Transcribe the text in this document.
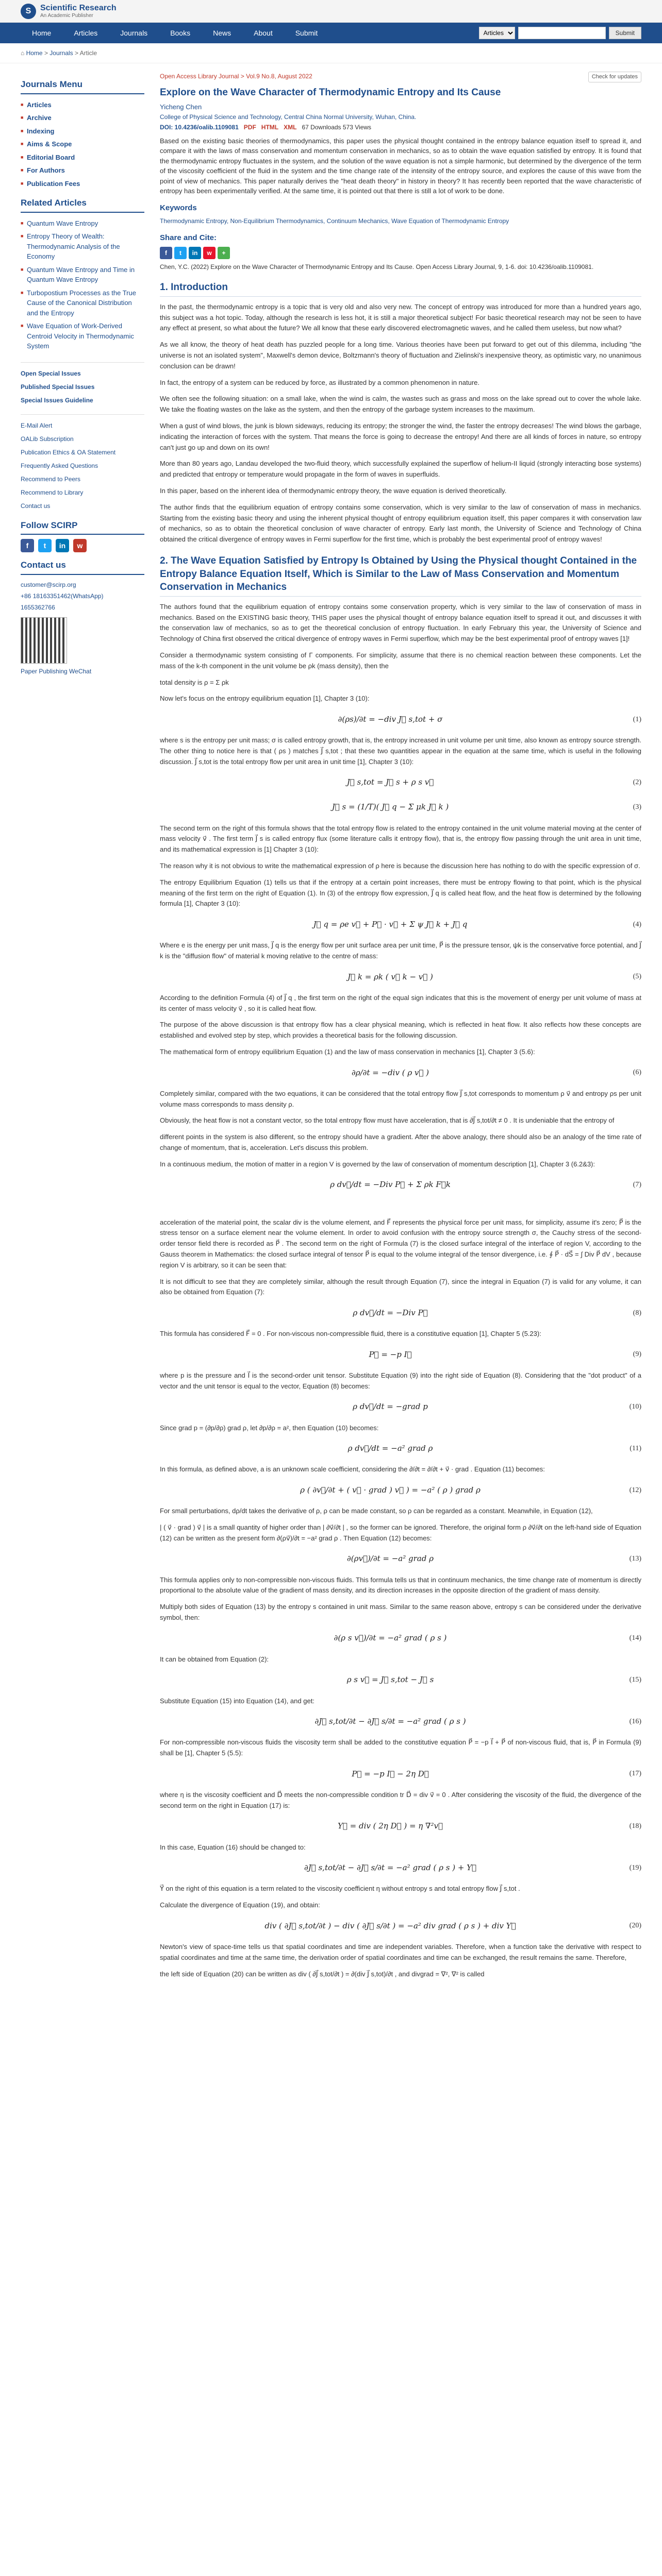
S	Scientific Research
An Academic Publisher
Home	Articles	Journals	Books	News	About	Submit
Articles	Submit
⌂ Home > Journals > Article
Journals Menu
■ Articles
■ Archive
■ Indexing
■ Aims & Scope
■ Editorial Board
■ For Authors
■ Publication Fees
Related Articles
■ Quantum Wave Entropy
■ Entropy Theory of Wealth: Thermodynamic Analysis of the Economy
■ Quantum Wave Entropy and Time in Quantum Wave Entropy
■ Turbopostium Processes as the True Cause of the Canonical Distribution and the Entropy
■ Wave Equation of Work-Derived Centroid Velocity in Thermodynamic System
Open Special Issues
Published Special Issues
Special Issues Guideline
E-Mail Alert
OALib Subscription
Publication Ethics & OA Statement
Frequently Asked Questions
Recommend to Peers
Recommend to Library
Contact us
Follow SCIRP
f	t	in	w
Contact us
customer@scirp.org
+86 18163351462(WhatsApp)
1655362766
Paper Publishing WeChat
Open Access Library Journal > Vol.9 No.8, August 2022	Check for updates
Explore on the Wave Character of Thermodynamic Entropy and Its Cause
Yicheng Chen
College of Physical Science and Technology, Central China Normal University, Wuhan, China.
DOI: 10.4236/oalib.1109081 PDF HTML XML 67 Downloads 573 Views

Based on the existing basic theories of thermodynamics, this paper uses the physical thought contained in the entropy balance equation itself to spread it, and compare it with the laws of mass conservation and momentum conservation in mechanics, so as to obtain the wave equation satisfied by entropy. It is found that the thermodynamic entropy fluctuates in the system, and the solution of the wave equation is not a simple harmonic, but determined by the divergence of the term of the viscosity coefficient of the fluid in the system and the time change rate of the intensity of the entropy source, and explores the cause of this wave from the point of view of mechanics. This paper naturally derives the "heat death theory" in history in theory? It has recently been reported that the wave characteristic of entropy has been experimentally verified. At the same time, it is pointed out that there is still a lot of work to be done.

Keywords
Thermodynamic Entropy, Non-Equilibrium Thermodynamics, Continuum Mechanics, Wave Equation of Thermodynamic Entropy
Share and Cite:
f	t	in	w	+
Chen, Y.C. (2022) Explore on the Wave Character of Thermodynamic Entropy and Its Cause. Open Access Library Journal, 9, 1-6. doi: 10.4236/oalib.1109081.
1. Introduction

In the past, the thermodynamic entropy is a topic that is very old and also very new. The concept of entropy was introduced for more than a hundred years ago, this subject was a hot topic. Today, although the research is less hot, it is still a major theoretical subject! For basic theoretical research may not be seen to have any effect at present, so what about the future? We all know that these early discovered electromagnetic waves, and he called them useless, but now what?

As we all know, the theory of heat death has puzzled people for a long time. Various theories have been put forward to get out of this dilemma, including "the universe is not an isolated system", Maxwell's demon device, Boltzmann's theory of fluctuation and Zielinski's inexpensive theory, as optimistic vary, no unanimous conclusion can be drawn!

In fact, the entropy of a system can be reduced by force, as illustrated by a common phenomenon in nature.

We often see the following situation: on a small lake, when the wind is calm, the wastes such as grass and moss on the lake spread out to cover the whole lake. We take the floating wastes on the lake as the system, and then the entropy of the garbage system increases to the maximum.

When a gust of wind blows, the junk is blown sideways, reducing its entropy; the stronger the wind, the faster the entropy decreases! The wind blows the garbage, indicating the interaction of forces with the system. That means the force is going to decrease the entropy! And there are all kinds of forces in nature, so entropy can't just go up and down on its own!

More than 80 years ago, Landau developed the two-fluid theory, which successfully explained the superflow of helium-II liquid (strongly interacting bose systems) and predicted that entropy or temperature would propagate in the form of waves in superfluids.

In this paper, based on the inherent idea of thermodynamic entropy theory, the wave equation is derived theoretically.

The author finds that the equilibrium equation of entropy contains some conservation, which is very similar to the law of conservation of mass in mechanics. Starting from the existing basic theory and using the inherent physical thought of entropy equilibrium equation itself, this paper compares it with conservation law of mechanics, so as to obtain the theoretical conclusion of wave character of entropy. Early last month, the University of Science and Technology of China obtained the critical divergence of entropy waves in Fermi superflow for the first time, which is probably the best experimental proof of entropy waves!

2. The Wave Equation Satisfied by Entropy Is Obtained by Using the Physical thought Contained in the Entropy Balance Equation Itself, Which is Similar to the Law of Mass Conservation and Momentum Conservation in Mechanics

The authors found that the equilibrium equation of entropy contains some conservation property, which is very similar to the law of conservation of mass in mechanics. Based on the EXISTING basic theory, THIS paper uses the physical thought of entropy balance equation itself to spread it out, and discusses it with the conservation law of mechanics, so as to get the theoretical conclusion of entropy fluctuation. In early February this year, the University of Science and Technology of China first observed the critical divergence of entropy waves in Fermi superflow, which may be the best experimental proof of entropy waves [1]!

Consider a thermodynamic system consisting of Γ components. For simplicity, assume that there is no chemical reaction between these components. Let the mass of the k-th component in the unit volume be ρk (mass density), then the

total density is ρ = Σ ρk

Now let's focus on the entropy equilibrium equation [1], Chapter 3 (10):

∂(ρs)/∂t = −div J⃗ s,tot + σ	(1)

where s is the entropy per unit mass; σ is called entropy growth, that is, the entropy increased in unit volume per unit time, also known as entropy source strength. The other thing to notice here is that ( ρs ) matches J⃗ s,tot ; that these two quantities appear in the equation at the same time, which is useful in the following discussion. J⃗ s,tot is the total entropy flow per unit area in unit time [1], Chapter 3 (10):

J⃗ s,tot = J⃗ s + ρ s v⃗	(2)
J⃗ s = (1/T)( J⃗ q − Σ μk J⃗ k )	(3)

The second term on the right of this formula shows that the total entropy flow is related to the entropy contained in the unit volume material moving at the center of mass velocity v⃗ . The first term J⃗ s is called entropy flux (some literature calls it entropy flow), that is, the entropy flow passing through the unit area in unit time, and its mathematical expression is [1] Chapter 3 (10):

The reason why it is not obvious to write the mathematical expression of ρ here is because the discussion here has nothing to do with the specific expression of σ.

The entropy Equilibrium Equation (1) tells us that if the entropy at a certain point increases, there must be entropy flowing to that point, which is the physical meaning of the first term on the right of Equation (1). In (3) of the entropy flow expression, J⃗ q is called heat flow, and the heat flow is determined by the following formula [1], Chapter 3 (10):

J⃗ q = ρe v⃗ + P⃗ · v⃗ + Σ ψ J⃗ k + J⃗ q	(4)

Where e is the energy per unit mass, J⃗ q is the energy flow per unit surface area per unit time, P⃗ is the pressure tensor, ψk is the conservative force potential, and J⃗ k is the "diffusion flow" of material k moving relative to the centre of mass:

J⃗ k = ρk ( v⃗ k − v⃗ )	(5)

According to the definition Formula (4) of J⃗ q , the first term on the right of the equal sign indicates that this is the movement of energy per unit volume of mass at its center of mass velocity v⃗ , so it is called heat flow.

The purpose of the above discussion is that entropy flow has a clear physical meaning, which is reflected in heat flow. It also reflects how these concepts are established and evolved step by step, which provides a theoretical basis for the following discussion.

The mathematical form of entropy equilibrium Equation (1) and the law of mass conservation in mechanics [1], Chapter 3 (5.6):

∂ρ/∂t = −div ( ρ v⃗ )	(6)

Completely similar, compared with the two equations, it can be considered that the total entropy flow J⃗ s,tot corresponds to momentum ρ v⃗ and entropy ρs per unit volume mass corresponds to mass density ρ.

Obviously, the heat flow is not a constant vector, so the total entropy flow must have acceleration, that is ∂J⃗ s,tot/∂t ≠ 0 . It is undeniable that the entropy of

different points in the system is also different, so the entropy should have a gradient. After the above analogy, there should also be an analogy of the time rate of change of momentum, that is, acceleration. Let's discuss this problem.

In a continuous medium, the motion of matter in a region V is governed by the law of conservation of momentum description [1], Chapter 3 (6.2&3):

ρ dv⃗/dt = −Div P⃗ + Σ ρk F⃗k	(7)

acceleration of the material point, the scalar div is the volume element, and F⃗ represents the physical force per unit mass, for simplicity, assume it's zero; P⃗ is the stress tensor on a surface element near the volume element. In order to avoid confusion with the entropy source strength σ, the Cauchy stress of the second-order tensor field there is recorded as P⃗ . The second term on the right of Formula (7) is the closed surface integral of the interface of region V, according to the Gauss theorem in Mathematics: the closed surface integral of tensor P⃗ is equal to the volume integral of the tensor divergence, i.e. ∮ P⃗ · dS⃗ = ∫ Div P⃗ dV , because region V is arbitrary, so it can be seen that:

It is not difficult to see that they are completely similar, although the result through Equation (7), since the integral in Equation (7) is valid for any volume, it can also be obtained from Equation (7):

ρ dv⃗/dt = −Div P⃗	(8)

This formula has considered F⃗ = 0 . For non-viscous non-compressible fluid, there is a constitutive equation [1], Chapter 5 (5.23):

P⃗ = −p I⃗	(9)

where p is the pressure and I⃗ is the second-order unit tensor. Substitute Equation (9) into the right side of Equation (8). Considering that the "dot product" of a vector and the unit tensor is equal to the vector, Equation (8) becomes:

ρ dv⃗/dt = −grad p	(10)

Since grad p = (∂p/∂ρ) grad ρ, let ∂p/∂ρ = a², then Equation (10) becomes:

ρ dv⃗/dt = −a² grad ρ	(11)

In this formula, as defined above, a is an unknown scale coefficient, considering the ∂/∂t = ∂/∂t + v⃗ · grad . Equation (11) becomes:

ρ ( ∂v⃗/∂t + ( v⃗ · grad ) v⃗ ) = −a² ( ρ ) grad ρ	(12)

For small perturbations, dρ/dt takes the derivative of ρ, ρ can be made constant, so ρ can be regarded as a constant. Meanwhile, in Equation (12),

| ( v⃗ · grad ) v⃗ | is a small quantity of higher order than | ∂v⃗/∂t | , so the former can be ignored. Therefore, the original form ρ ∂v⃗/∂t on the left-hand side of Equation (12) can be written as the present form ∂(ρv⃗)/∂t = −a² grad ρ . Then Equation (12) becomes:

∂(ρv⃗)/∂t = −a² grad ρ	(13)

This formula applies only to non-compressible non-viscous fluids. This formula tells us that in continuum mechanics, the time change rate of momentum is directly proportional to the absolute value of the gradient of mass density, and its direction increases in the opposite direction of the gradient of mass density.

Multiply both sides of Equation (13) by the entropy s contained in unit mass. Similar to the same reason above, entropy s can be considered under the derivative symbol, then:

∂(ρ s v⃗)/∂t = −a² grad ( ρ s )	(14)

It can be obtained from Equation (2):

ρ s v⃗ = J⃗ s,tot − J⃗ s	(15)

Substitute Equation (15) into Equation (14), and get:

∂J⃗ s,tot/∂t − ∂J⃗ s/∂t = −a² grad ( ρ s )	(16)

For non-compressible non-viscous fluids the viscosity term shall be added to the constitutive equation P⃗ = −p I⃗ + P⃗ of non-viscous fluid, that is, P⃗ in Formula (9) shall be [1], Chapter 5 (5.5):

P⃗ = −p I⃗ − 2η D⃗	(17)

where η is the viscosity coefficient and D⃗ meets the non-compressible condition tr D⃗ = div v⃗ = 0 . After considering the viscosity of the fluid, the divergence of the second term on the right in Equation (17) is:

Y⃗ = div ( 2η D⃗ ) = η ∇²v⃗	(18)

In this case, Equation (16) should be changed to:

∂J⃗ s,tot/∂t − ∂J⃗ s/∂t = −a² grad ( ρ s ) + Y⃗	(19)

Y⃗ on the right of this equation is a term related to the viscosity coefficient η without entropy s and total entropy flow J⃗ s,tot .

Calculate the divergence of Equation (19), and obtain:

div ( ∂J⃗ s,tot/∂t ) − div ( ∂J⃗ s/∂t ) = −a² div grad ( ρ s ) + div Y⃗	(20)

Newton's view of space-time tells us that spatial coordinates and time are independent variables. Therefore, when a function take the derivative with respect to spatial coordinates and time at the same time, the derivation order of spatial coordinates and time can be exchanged, the result remains the same. Therefore,

the left side of Equation (20) can be written as div ( ∂J⃗ s,tot/∂t ) = ∂(div J⃗ s,tot)/∂t , and divgrad = ∇², ∇² is called
